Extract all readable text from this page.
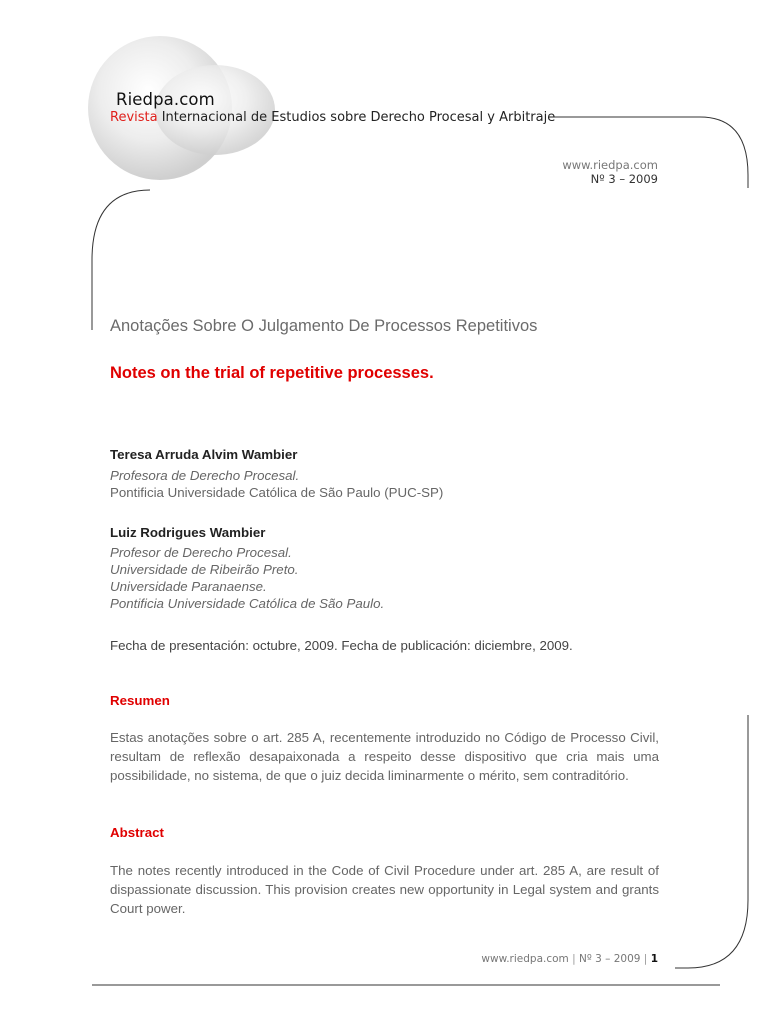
Riedpa.com
Revista Internacional de Estudios sobre Derecho Procesal y Arbitraje
www.riedpa.com
Nº 3 – 2009
Anotações Sobre O Julgamento De Processos Repetitivos
Notes on the trial of repetitive processes.
Teresa Arruda Alvim Wambier
Profesora de Derecho Procesal.
Pontificia Universidade Católica de São Paulo (PUC-SP)
Luiz Rodrigues Wambier
Profesor de Derecho Procesal.
Universidade de Ribeirão Preto.
Universidade Paranaense.
Pontificia Universidade Católica de São Paulo.
Fecha de presentación: octubre, 2009. Fecha de publicación: diciembre, 2009.
Resumen
Estas anotações sobre o art. 285 A, recentemente introduzido no Código de Processo Civil, resultam de reflexão desapaixonada a respeito desse dispositivo que cria mais uma possibilidade, no sistema, de que o juiz decida liminarmente o mérito, sem contraditório.
Abstract
The notes recently introduced in the Code of Civil Procedure under art. 285 A, are result of dispassionate discussion. This provision creates new opportunity in Legal system and grants Court power.
www.riedpa.com | Nº 3 – 2009 | 1
